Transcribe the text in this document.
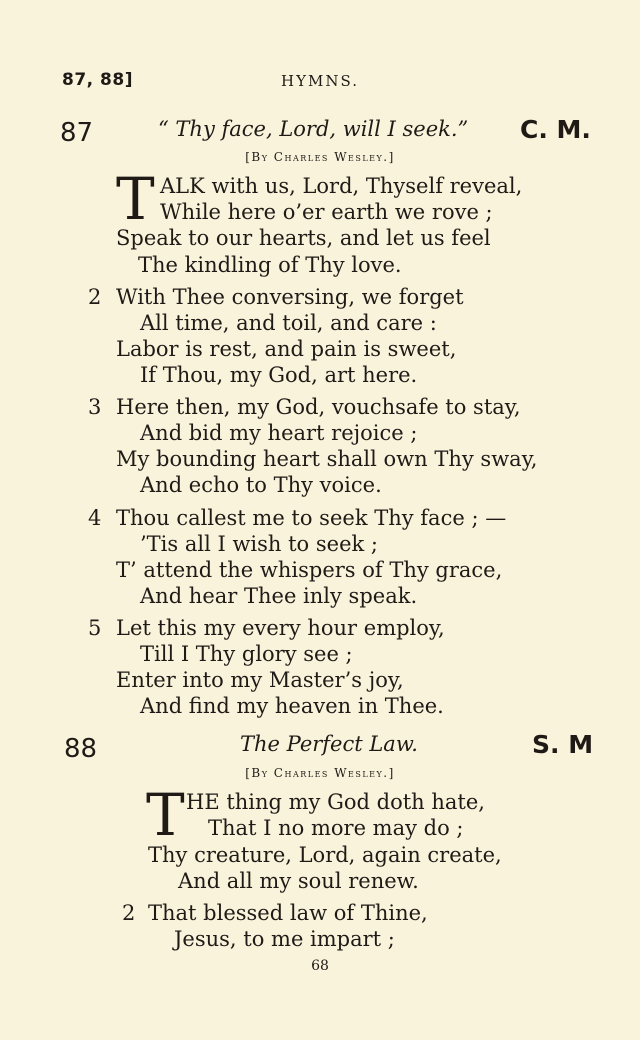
87, 88]	HYMNS.
87	“ Thy face, Lord, will I seek.” C. M.
[By Charles Wesley.]
T ALK with us, Lord, Thyself reveal,
While here o’er earth we rove ;
Speak to our hearts, and let us feel
The kindling of Thy love.
2 With Thee conversing, we forget
All time, and toil, and care :
Labor is rest, and pain is sweet,
If Thou, my God, art here.
3 Here then, my God, vouchsafe to stay,
And bid my heart rejoice ;
My bounding heart shall own Thy sway,
And echo to Thy voice.
4 Thou callest me to seek Thy face ; —
’Tis all I wish to seek ;
T’ attend the whispers of Thy grace,
And hear Thee inly speak.
5 Let this my every hour employ,
Till I Thy glory see ;
Enter into my Master’s joy,
And find my heaven in Thee.
88	The Perfect Law.	S. M
[By Charles Wesley.]
T HE thing my God doth hate,
That I no more may do ;
Thy creature, Lord, again create,
And all my soul renew.
2 That blessed law of Thine,
Jesus, to me impart ;
68
